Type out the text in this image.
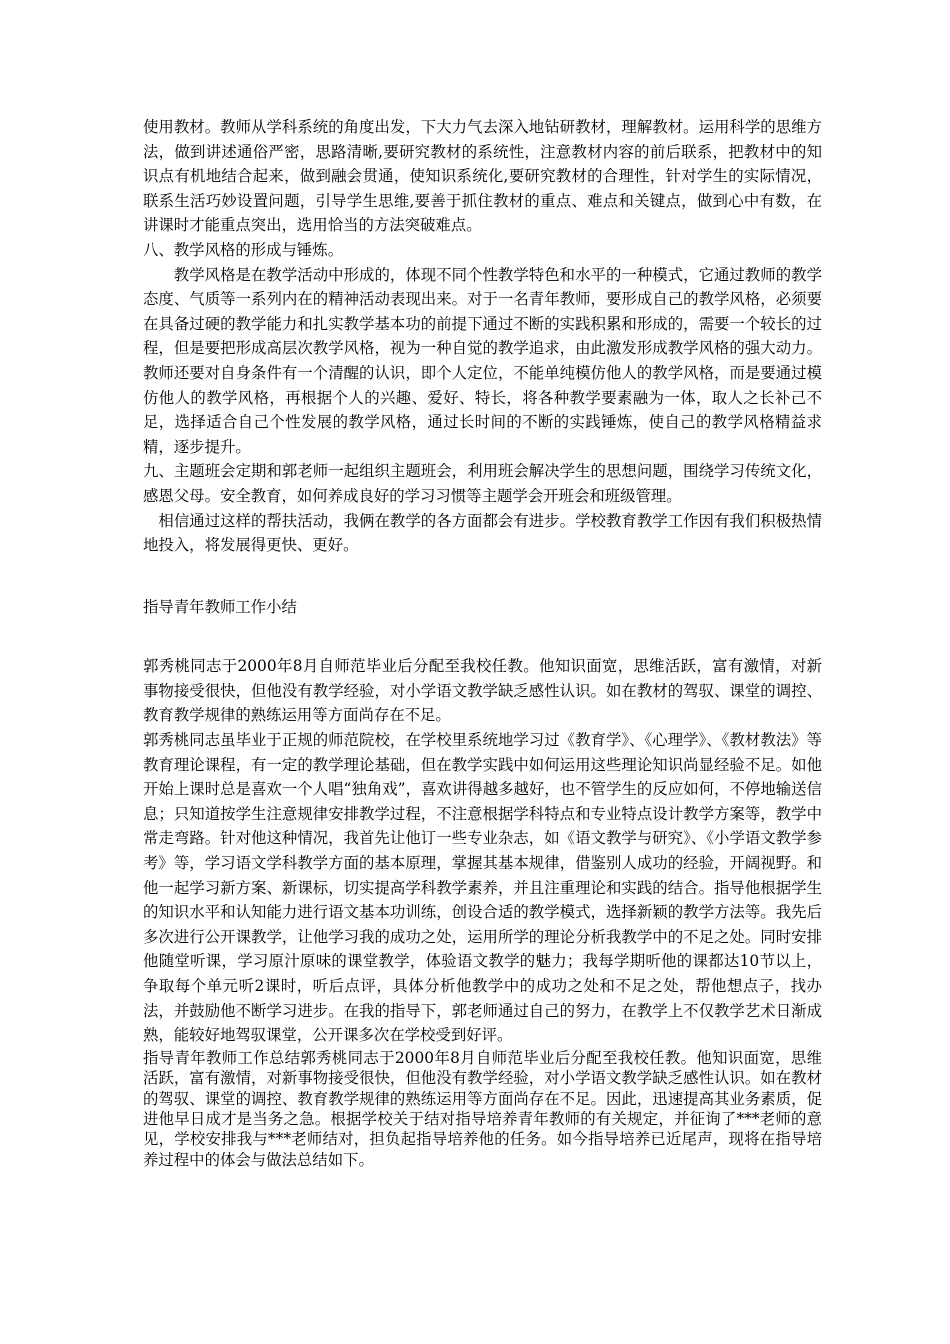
使用教材。教师从学科系统的角度出发，下大力气去深入地钻研教材，理解教材。运用科学的思维方法，做到讲述通俗严密，思路清晰,要研究教材的系统性，注意教材内容的前后联系，把教材中的知识点有机地结合起来，做到融会贯通，使知识系统化,要研究教材的合理性，针对学生的实际情况，联系生活巧妙设置问题，引导学生思维,要善于抓住教材的重点、难点和关键点，做到心中有数，在讲课时才能重点突出，选用恰当的方法突破难点。

八、教学风格的形成与锤炼。

教学风格是在教学活动中形成的，体现不同个性教学特色和水平的一种模式，它通过教师的教学态度、气质等一系列内在的精神活动表现出来。对于一名青年教师，要形成自己的教学风格，必须要在具备过硬的教学能力和扎实教学基本功的前提下通过不断的实践积累和形成的，需要一个较长的过程，但是要把形成高层次教学风格，视为一种自觉的教学追求，由此激发形成教学风格的强大动力。教师还要对自身条件有一个清醒的认识，即个人定位，不能单纯模仿他人的教学风格，而是要通过模仿他人的教学风格，再根据个人的兴趣、爱好、特长，将各种教学要素融为一体，取人之长补己不足，选择适合自己个性发展的教学风格，通过长时间的不断的实践锤炼，使自己的教学风格精益求精，逐步提升。

九、主题班会定期和郭老师一起组织主题班会，利用班会解决学生的思想问题，围绕学习传统文化，感恩父母。安全教育，如何养成良好的学习习惯等主题学会开班会和班级管理。

相信通过这样的帮扶活动，我俩在教学的各方面都会有进步。学校教育教学工作因有我们积极热情地投入，将发展得更快、更好。

指导青年教师工作小结

郭秀桃同志于2000年8月自师范毕业后分配至我校任教。他知识面宽，思维活跃，富有激情，对新事物接受很快，但他没有教学经验，对小学语文教学缺乏感性认识。如在教材的驾驭、课堂的调控、教育教学规律的熟练运用等方面尚存在不足。

郭秀桃同志虽毕业于正规的师范院校，在学校里系统地学习过《教育学》、《心理学》、《教材教法》等教育理论课程，有一定的教学理论基础，但在教学实践中如何运用这些理论知识尚显经验不足。如他开始上课时总是喜欢一个人唱“独角戏”，喜欢讲得越多越好，也不管学生的反应如何，不停地输送信息；只知道按学生注意规律安排教学过程，不注意根据学科特点和专业特点设计教学方案等，教学中常走弯路。针对他这种情况，我首先让他订一些专业杂志，如《语文教学与研究》、《小学语文教学参考》等，学习语文学科教学方面的基本原理，掌握其基本规律，借鉴别人成功的经验，开阔视野。和他一起学习新方案、新课标，切实提高学科教学素养，并且注重理论和实践的结合。指导他根据学生的知识水平和认知能力进行语文基本功训练，创设合适的教学模式，选择新颖的教学方法等。我先后多次进行公开课教学，让他学习我的成功之处，运用所学的理论分析我教学中的不足之处。同时安排他随堂听课，学习原汁原味的课堂教学，体验语文教学的魅力；我每学期听他的课都达10节以上，争取每个单元听2课时，听后点评，具体分析他教学中的成功之处和不足之处，帮他想点子，找办法，并鼓励他不断学习进步。在我的指导下，郭老师通过自己的努力，在教学上不仅教学艺术日渐成熟，能较好地驾驭课堂，公开课多次在学校受到好评。

指导青年教师工作总结郭秀桃同志于2000年8月自师范毕业后分配至我校任教。他知识面宽，思维活跃，富有激情，对新事物接受很快，但他没有教学经验，对小学语文教学缺乏感性认识。如在教材的驾驭、课堂的调控、教育教学规律的熟练运用等方面尚存在不足。因此，迅速提高其业务素质，促进他早日成才是当务之急。根据学校关于结对指导培养青年教师的有关规定，并征询了***老师的意见，学校安排我与***老师结对，担负起指导培养他的任务。如今指导培养已近尾声，现将在指导培养过程中的体会与做法总结如下。
